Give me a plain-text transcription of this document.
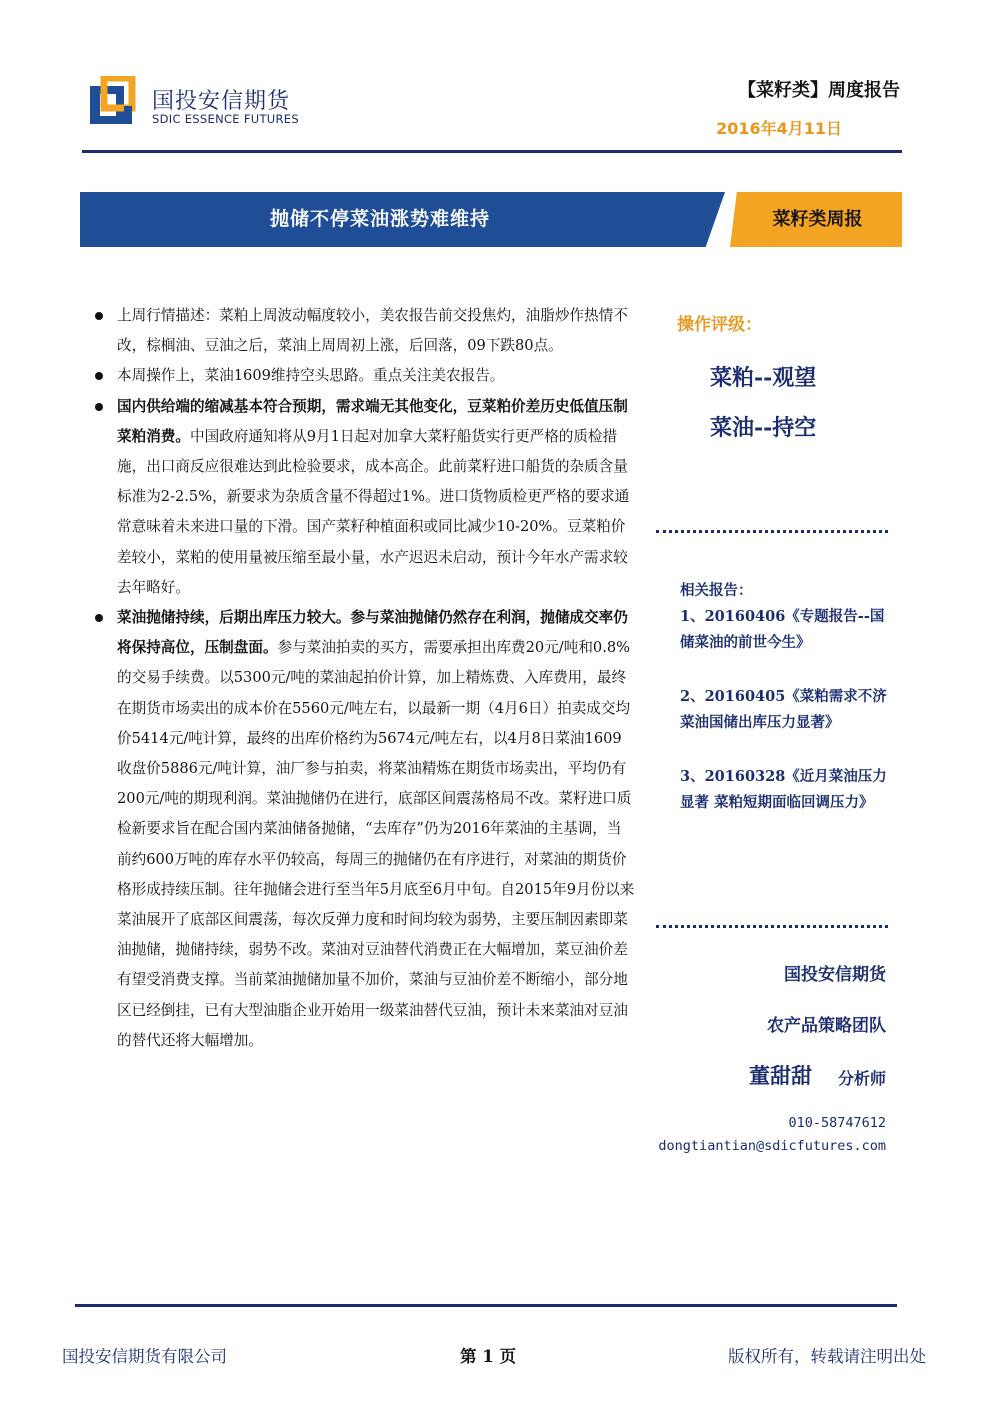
国投安信期货
SDIC ESSENCE FUTURES
【菜籽类】周度报告
2016年4月11日
抛储不停菜油涨势难维持	菜籽类周报
上周行情描述：菜粕上周波动幅度较小，美农报告前交投焦灼，油脂炒作热情不改，棕榈油、豆油之后，菜油上周周初上涨，后回落，09下跌80点。
本周操作上，菜油1609维持空头思路。重点关注美农报告。
国内供给端的缩减基本符合预期，需求端无其他变化，豆菜粕价差历史低值压制菜粕消费。中国政府通知将从9月1日起对加拿大菜籽船货实行更严格的质检措施，出口商反应很难达到此检验要求，成本高企。此前菜籽进口船货的杂质含量标准为2-2.5%，新要求为杂质含量不得超过1%。进口货物质检更严格的要求通常意味着未来进口量的下滑。国产菜籽种植面积或同比减少10-20%。豆菜粕价差较小，菜粕的使用量被压缩至最小量，水产迟迟未启动，预计今年水产需求较去年略好。
菜油抛储持续，后期出库压力较大。参与菜油抛储仍然存在利润，抛储成交率仍将保持高位，压制盘面。参与菜油拍卖的买方，需要承担出库费20元/吨和0.8%的交易手续费。以5300元/吨的菜油起拍价计算，加上精炼费、入库费用，最终在期货市场卖出的成本价在5560元/吨左右，以最新一期（4月6日）拍卖成交均价5414元/吨计算，最终的出库价格约为5674元/吨左右，以4月8日菜油1609收盘价5886元/吨计算，油厂参与拍卖，将菜油精炼在期货市场卖出，平均仍有200元/吨的期现利润。菜油抛储仍在进行，底部区间震荡格局不改。菜籽进口质检新要求旨在配合国内菜油储备抛储，“去库存”仍为2016年菜油的主基调，当前约600万吨的库存水平仍较高，每周三的抛储仍在有序进行，对菜油的期货价格形成持续压制。往年抛储会进行至当年5月底至6月中旬。自2015年9月份以来菜油展开了底部区间震荡，每次反弹力度和时间均较为弱势，主要压制因素即菜油抛储，抛储持续，弱势不改。菜油对豆油替代消费正在大幅增加，菜豆油价差有望受消费支撑。当前菜油抛储加量不加价，菜油与豆油价差不断缩小，部分地区已经倒挂，已有大型油脂企业开始用一级菜油替代豆油，预计未来菜油对豆油的替代还将大幅增加。
操作评级：
菜粕--观望
菜油--持空
相关报告：
1、20160406《专题报告--国储菜油的前世今生》
2、20160405《菜粕需求不济 菜油国储出库压力显著》
3、20160328《近月菜油压力显著 菜粕短期面临回调压力》
国投安信期货
农产品策略团队
董甜甜 分析师
010-58747612
dongtiantian@sdicfutures.com
国投安信期货有限公司	第 1 页	版权所有，转载请注明出处
